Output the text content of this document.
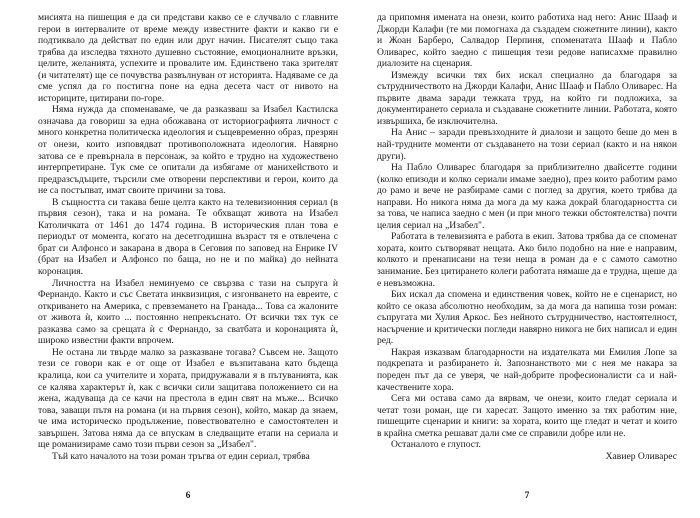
мисията на пишещия е да си представи какво се е случвало с главните герои в интервалите от време между известните факти и какво ги е подтиквало да действат по един или друг начин. Писателят също така трябва да изследва тяхното душевно състояние, емоционалните връзки, целите, желанията, успехите и провалите им. Единствено така зрителят (и читателят) ще се почувства развълнуван от историята. Надяваме се да сме успял да го постигна поне на една десета част от нивото на историците, цитирани по-горе.

Няма нужда да споменаваме, че да разказваш за Изабел Кастилска означава да говориш за една обожавана от историографията личност с много конкретна политическа идеология и същевременно образ, презрян от онези, които изповядват противоположната идеология. Навярно затова се е превърнала в персонаж, за който е трудно на художествено интерпретиране. Тук сме се опитали да избягаме от манихейството и предразсъдъците, търсили сме отворени перспективи и герои, които да не са постъпват, имат своите причини за това.

В същността си такава беше целта както на телевизионния сериал (в първия сезон), така и на романа. Те обхващат живота на Изабел Католичката от 1461 до 1474 година. В историческия план това е периодът от момента, когато на десетгодишна възраст тя е отвлечена с брат си Алфонсо и закарана в двора в Сеговия по заповед на Енрике IV (брат на Изабел и Алфонсо по баща, но не и по майка) до нейната коронация.

Личността на Изабел неминуемо се свързва с тази на съпруга ѝ Фернандо. Както и със Светата инквизиция, с изгонването на евреите, с откриването на Америка, с превземането на Гранада... Това са жалоните от живота ѝ, които ... постоянно непрекъснато. От всички тях тук се разказва само за срещата ѝ с Фернандо, за сватбата и коронацията ѝ, широко известни факти впрочем.

Не остана ли твърде малко за разказване тогава? Съвсем не. Защото тези се говори как е от още от Изабел е възпитавана като бъдеща кралица, кои са учителите и хората, придружавали я в пътуванията, как се калява характерът ѝ, как с всички сили защитава положението си на жена, жадуваща да се качи на престола в един свят на мъже... Всичко това, заващи пътя на романа (и на първия сезон), който, макар да знаем, че има историческо продължение, повествователно е самостоятелен и завършен. Затова няма да се впускам в следващите етапи на сериала и ще романизираме само този първи сезон за „Изабел".

Тъй като началото на този роман тръгва от един сериал, трябва

6

да припомня имената на онези, които работиха над него: Анис Шааф и Джорди Калафи (те ми помогнаха да създадем сюжетните линии), както и Жоан Барберо, Салвадор Перпиня, споменатата Шааф и Пабло Оливарес, който заедно с пишещия тези редове написахме правилно диалозите на сценария.

Измежду всички тях бих искал специално да благодаря за сътрудничеството на Джорди Калафи, Анис Шааф и Пабло Оливарес. На първите двама заради тежката труд, на който ги подложиха, за документирането сериала и създаване сюжетните линии. Работата, която извършиха, бе изключителна.

На Анис – заради превъзходните ѝ диалози и защото беше до мен в най-трудните моменти от създаването на този сериал (както и на някои други).

На Пабло Оливарес благодаря за приблизително двайсетте години (колко епизоди и колко сериали имаме заедно), през които работим рамо до рамо и вече не разбираме сами с поглед за другия, което трябва да направи. Но никога няма да мога да му кажа докрай благодарността си за това, че написа заедно с мен (и при много тежки обстоятелства) почти целия сериал на „Изабел".

Работата в телевизията е работа в екип. Затова трябва да се споменат хората, които сътворяват нещата. Ако било подобно на ние e направим, колкото и пренаписани на тези неща в роман да е с самото самотно занимание. Без цитирането колеги работата нямаше да е трудна, щеше да е невъзможна.

Бих искал да спомена и единствения човек, който не е сценарист, но който се оказа абсолютно необходим, за да мога да напиша този роман: съпругата ми Хулия Аркос. Без нейното сътрудничество, настоятелност, насърчение и критически погледи навярно никога не бих написал и един ред.

Накрая изказвам благодарности на издателката ми Емилия Лопе за подкрепата и разбирането ѝ. Запознанството ми с нея ме накара за пореден път да се уверя, че най-добрите професионалисти са и най-качествените хора.

Сега ми остава само да вярвам, че онези, които гледат сериала и четат този роман, ще ги харесат. Защото именно за тях работим ние, пишещите сценарии и книги: за хората, които ще гледат и четат и които в крайна сметка решават дали сме се справили добре или не.

Останалото е глупост.

Хавиер Оливарес

7
